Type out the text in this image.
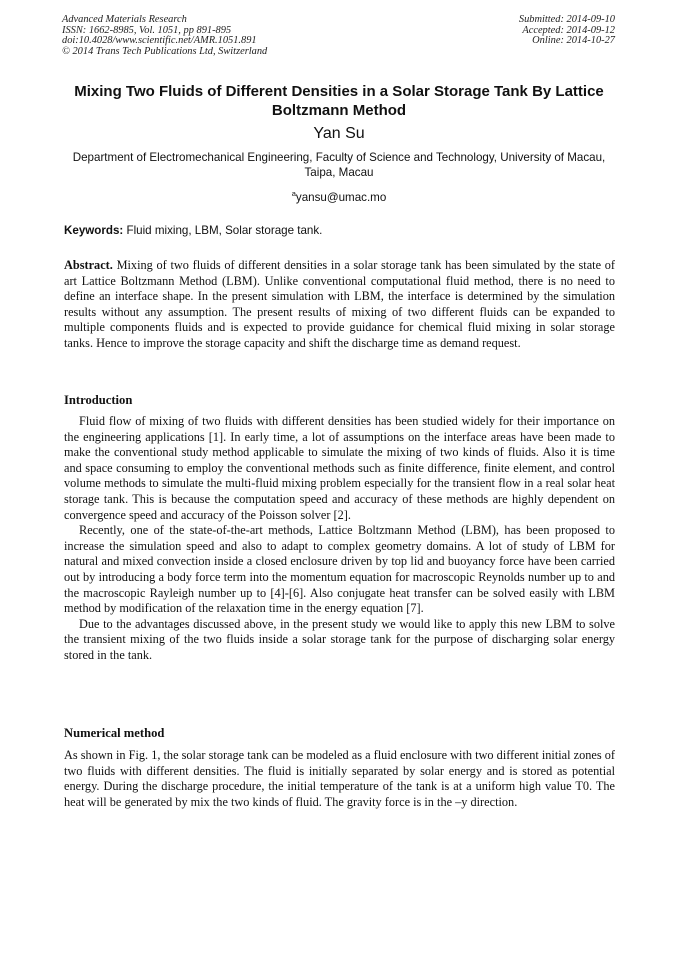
Advanced Materials Research
ISSN: 1662-8985, Vol. 1051, pp 891-895
doi:10.4028/www.scientific.net/AMR.1051.891
© 2014 Trans Tech Publications Ltd, Switzerland
Submitted: 2014-09-10
Accepted: 2014-09-12
Online: 2014-10-27
Mixing Two Fluids of Different Densities in a Solar Storage Tank By Lattice Boltzmann Method
Yan Su
Department of Electromechanical Engineering, Faculty of Science and Technology, University of Macau, Taipa, Macau
$^a$yansu@umac.mo
Keywords: Fluid mixing, LBM, Solar storage tank.
Abstract. Mixing of two fluids of different densities in a solar storage tank has been simulated by the state of art Lattice Boltzmann Method (LBM). Unlike conventional computational fluid method, there is no need to define an interface shape. In the present simulation with LBM, the interface is determined by the simulation results without any assumption. The present results of mixing of two different fluids can be expanded to multiple components fluids and is expected to provide guidance for chemical fluid mixing in solar storage tanks. Hence to improve the storage capacity and shift the discharge time as demand request.
Introduction

Fluid flow of mixing of two fluids with different densities has been studied widely for their importance on the engineering applications [1]. In early time, a lot of assumptions on the interface areas have been made to make the conventional study method applicable to simulate the mixing of two kinds of fluids. Also it is time and space consuming to employ the conventional methods such as finite difference, finite element, and control volume methods to simulate the multi-fluid mixing problem especially for the transient flow in a real solar heat storage tank. This is because the computation speed and accuracy of these methods are highly dependent on convergence speed and accuracy of the Poisson solver [2].

Recently, one of the state-of-the-art methods, Lattice Boltzmann Method (LBM), has been proposed to increase the simulation speed and also to adapt to complex geometry domains. A lot of study of LBM for natural and mixed convection inside a closed enclosure driven by top lid and buoyancy force have been carried out by introducing a body force term into the momentum equation for macroscopic Reynolds number up to and the macroscopic Rayleigh number up to [4]-[6]. Also conjugate heat transfer can be solved easily with LBM method by modification of the relaxation time in the energy equation [7].

Due to the advantages discussed above, in the present study we would like to apply this new LBM to solve the transient mixing of the two fluids inside a solar storage tank for the purpose of discharging solar energy stored in the tank.

Numerical method

As shown in Fig. 1, the solar storage tank can be modeled as a fluid enclosure with two different initial zones of two fluids with different densities. The fluid is initially separated by solar energy and is stored as potential energy. During the discharge procedure, the initial temperature of the tank is at a uniform high value T0. The heat will be generated by mix the two kinds of fluid. The gravity force is in the –y direction.
